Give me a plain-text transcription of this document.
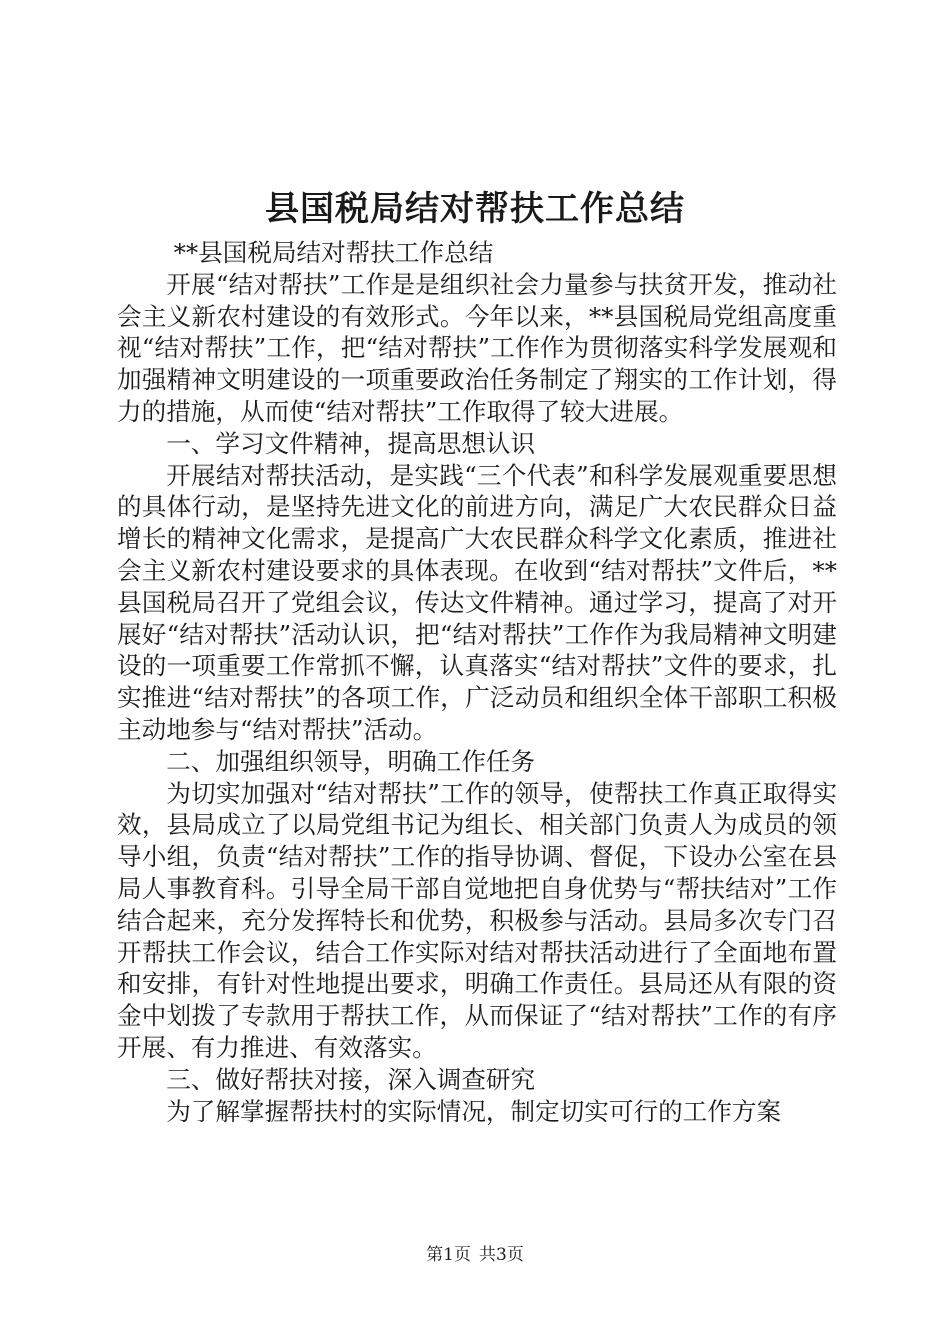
县国税局结对帮扶工作总结

**县国税局结对帮扶工作总结

开展“结对帮扶”工作是是组织社会力量参与扶贫开发，推动社会主义新农村建设的有效形式。今年以来，**县国税局党组高度重视“结对帮扶”工作，把“结对帮扶”工作作为贯彻落实科学发展观和加强精神文明建设的一项重要政治任务制定了翔实的工作计划，得力的措施，从而使“结对帮扶”工作取得了较大进展。

一、学习文件精神，提高思想认识

开展结对帮扶活动，是实践“三个代表”和科学发展观重要思想的具体行动，是坚持先进文化的前进方向，满足广大农民群众日益增长的精神文化需求，是提高广大农民群众科学文化素质，推进社会主义新农村建设要求的具体表现。在收到“结对帮扶”文件后，**县国税局召开了党组会议，传达文件精神。通过学习，提高了对开展好“结对帮扶”活动认识，把“结对帮扶”工作作为我局精神文明建设的一项重要工作常抓不懈，认真落实“结对帮扶”文件的要求，扎实推进“结对帮扶”的各项工作，广泛动员和组织全体干部职工积极主动地参与“结对帮扶”活动。

二、加强组织领导，明确工作任务

为切实加强对“结对帮扶”工作的领导，使帮扶工作真正取得实效，县局成立了以局党组书记为组长、相关部门负责人为成员的领导小组，负责“结对帮扶”工作的指导协调、督促，下设办公室在县局人事教育科。引导全局干部自觉地把自身优势与“帮扶结对”工作结合起来，充分发挥特长和优势，积极参与活动。县局多次专门召开帮扶工作会议，结合工作实际对结对帮扶活动进行了全面地布置和安排，有针对性地提出要求，明确工作责任。县局还从有限的资金中划拨了专款用于帮扶工作，从而保证了“结对帮扶”工作的有序开展、有力推进、有效落实。

三、做好帮扶对接，深入调查研究

为了解掌握帮扶村的实际情况，制定切实可行的工作方案

第1页 共3页
